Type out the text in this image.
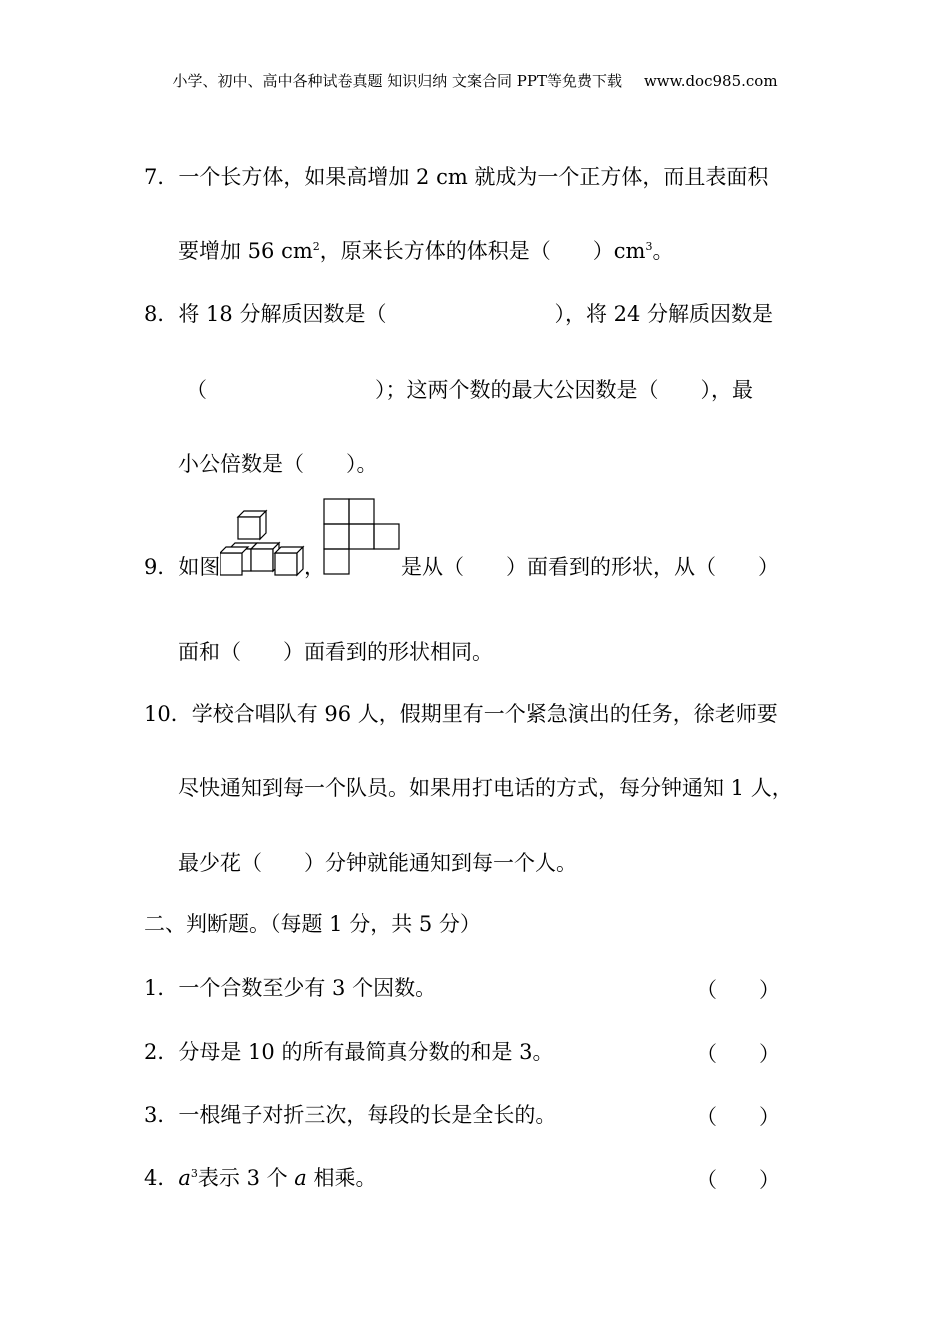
小学、初中、高中各种试卷真题 知识归纳 文案合同 PPT等免费下载 www.doc985.com
7．一个长方体，如果高增加 2 cm 就成为一个正方体，而且表面积
要增加 56 $cm^2$，原来长方体的体积是（　　）$cm^3$。
8．将 18 分解质因数是（　　　　　　　　），将 24 分解质因数是
（　　　　　　　　）；这两个数的最大公因数是（　　），最
小公倍数是（　　）。
9．如图	，	是从（　　）面看到的形状，从（　　）
面和（　　）面看到的形状相同。
10．学校合唱队有 96 人，假期里有一个紧急演出的任务，徐老师要
尽快通知到每一个队员。如果用打电话的方式，每分钟通知 1 人，
最少花（　　）分钟就能通知到每一个人。
二、判断题。（每题 1 分，共 5 分）
1．一个合数至少有 3 个因数。	（　　）
2．分母是 10 的所有最简真分数的和是 3。	（　　）
3．一根绳子对折三次，每段的长是全长的。	（　　）
4．$a^3$表示 3 个 a 相乘。	（　　）
